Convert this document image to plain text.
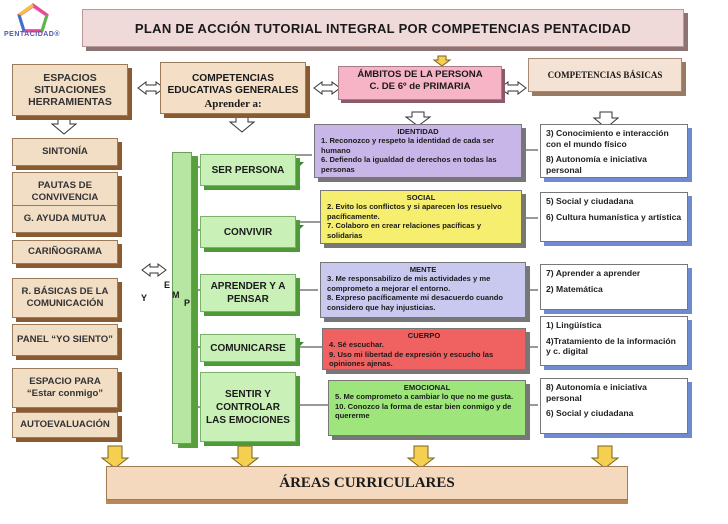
PENTACIDAD®	PLAN DE ACCIÓN TUTORIAL INTEGRAL POR COMPETENCIAS PENTACIDAD
ESPACIOS SITUACIONES HERRAMIENTAS
SINTONÍA
PAUTAS DE CONVIVENCIA
G. AYUDA MUTUA
CARIÑOGRAMA
R. BÁSICAS DE LA COMUNICACIÓN
PANEL “YO SIENTO”
ESPACIO PARA “Estar conmigo”
AUTOEVALUACIÓN
COMPETENCIAS EDUCATIVAS GENERALES
Aprender a:
ÁMBITOS DE LA PERSONA C. DE 6º de PRIMARIA
COMPETENCIAS BÁSICAS
Y
E
M
P
SER PERSONA
CONVIVIR
APRENDER Y A PENSAR
COMUNICARSE
SENTIR Y CONTROLAR LAS EMOCIONES
IDENTIDAD
1. Reconozco y respeto la identidad de cada ser humano
6. Defiendo la igualdad de derechos en todas las personas
SOCIAL
2. Evito los conflictos y si aparecen los resuelvo pacíficamente.
7. Colaboro en crear relaciones pacíficas y solidarias
MENTE
3. Me responsabilizo de mis actividades y me comprometo a mejorar el entorno.
8. Expreso pacíficamente mi desacuerdo cuando considero que hay injusticias.
CUERPO
4. Sé escuchar.
9. Uso mi libertad de expresión y escucho las opiniones ajenas.
EMOCIONAL
5. Me comprometo a cambiar lo que no me gusta.
10. Conozco la forma de estar bien conmigo y de quererme
3) Conocimiento e interacción con el mundo físico
8) Autonomía e iniciativa personal
5) Social y ciudadana
6) Cultura humanística y artística
7) Aprender a aprender
2) Matemática
1) Lingüística
4)Tratamiento de la información y c. digital
8) Autonomía e iniciativa personal
6) Social y ciudadana
ÁREAS CURRICULARES
